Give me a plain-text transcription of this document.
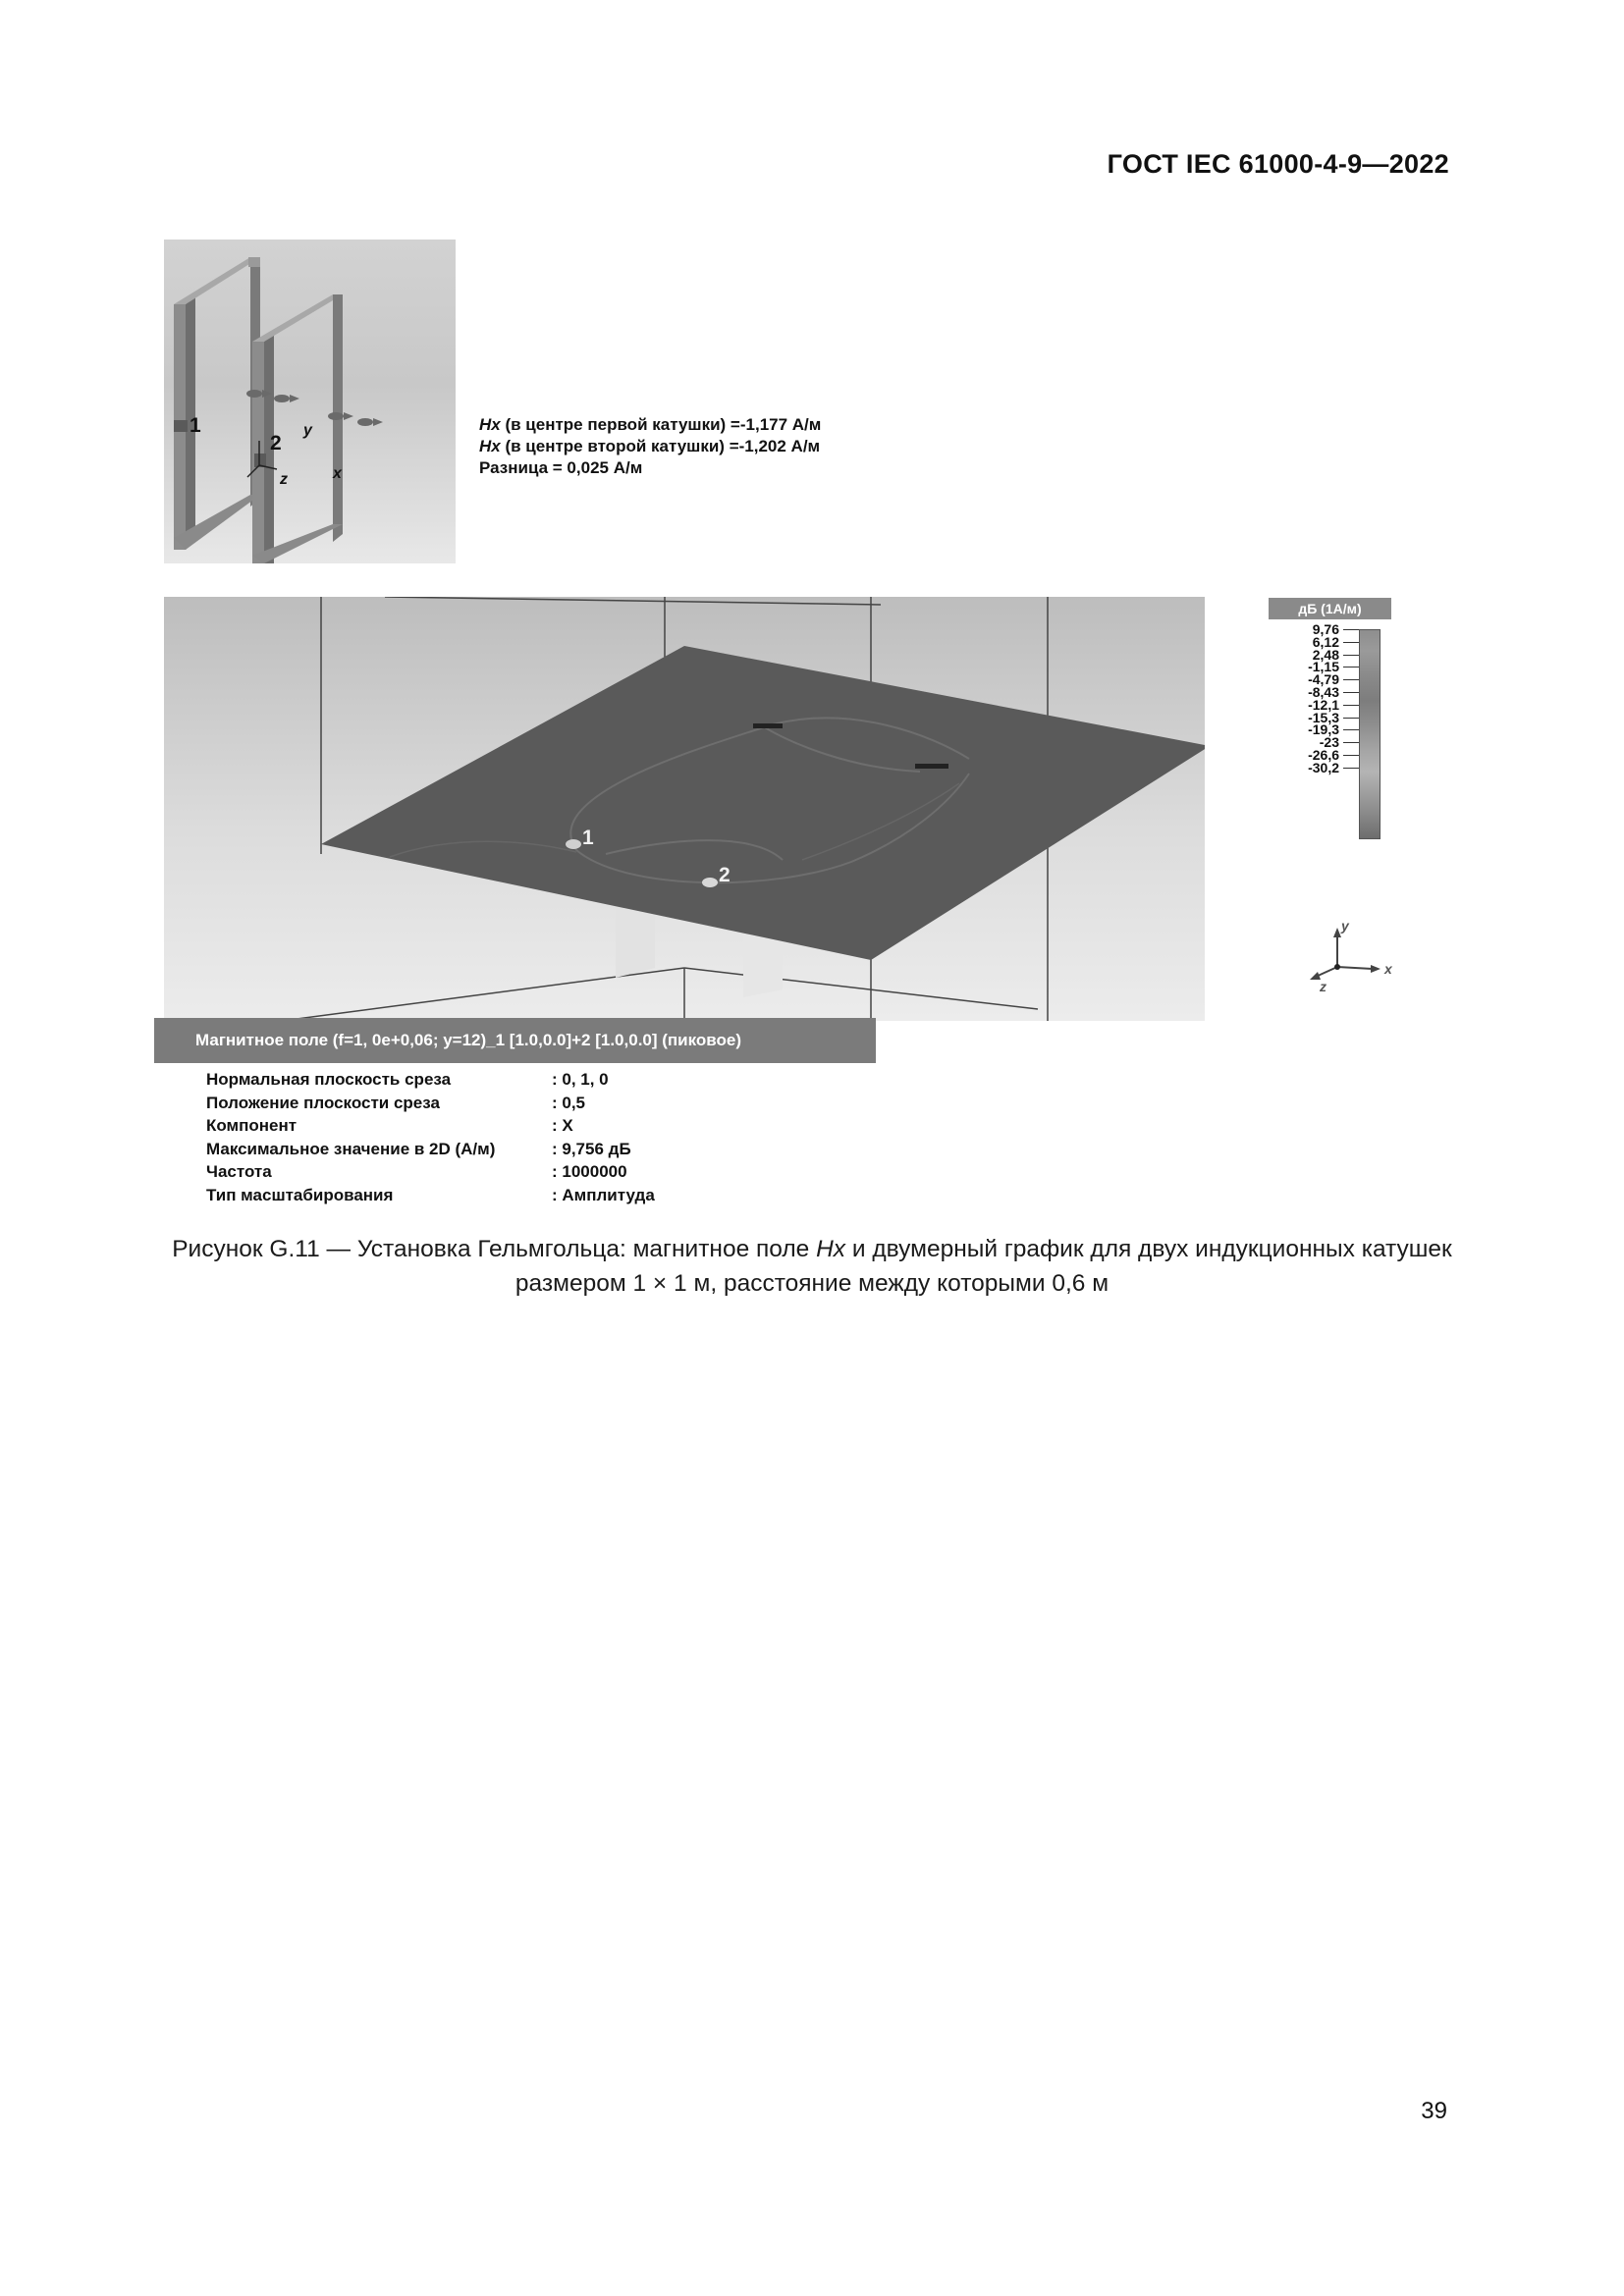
ГОСТ IEC 61000-4-9—2022
1
2
y
z	x
Hx (в центре первой катушки) =-1,177 А/м
Hx (в центре второй катушки) =-1,202 А/м
Разница = 0,025 А/м
1
2
дБ (1А/м)
9,76
6,12
2,48
-1,15
-4,79
-8,43
-12,1
-15,3
-19,3
-23
-26,6
-30,2
y
z
x
Магнитное поле (f=1, 0e+0,06; y=12)_1 [1.0,0.0]+2 [1.0,0.0] (пиковое)
Нормальная плоскость среза	: 0, 1, 0
Положение плоскости среза	: 0,5
Компонент	: X
Максимальное значение в 2D (А/м)	: 9,756 дБ
Частота	: 1000000
Тип масштабирования	: Амплитуда
Рисунок G.11 — Установка Гельмгольца: магнитное поле Hx и двумерный график для двух индукционных катушек
размером 1 × 1 м, расстояние между которыми 0,6 м
39
